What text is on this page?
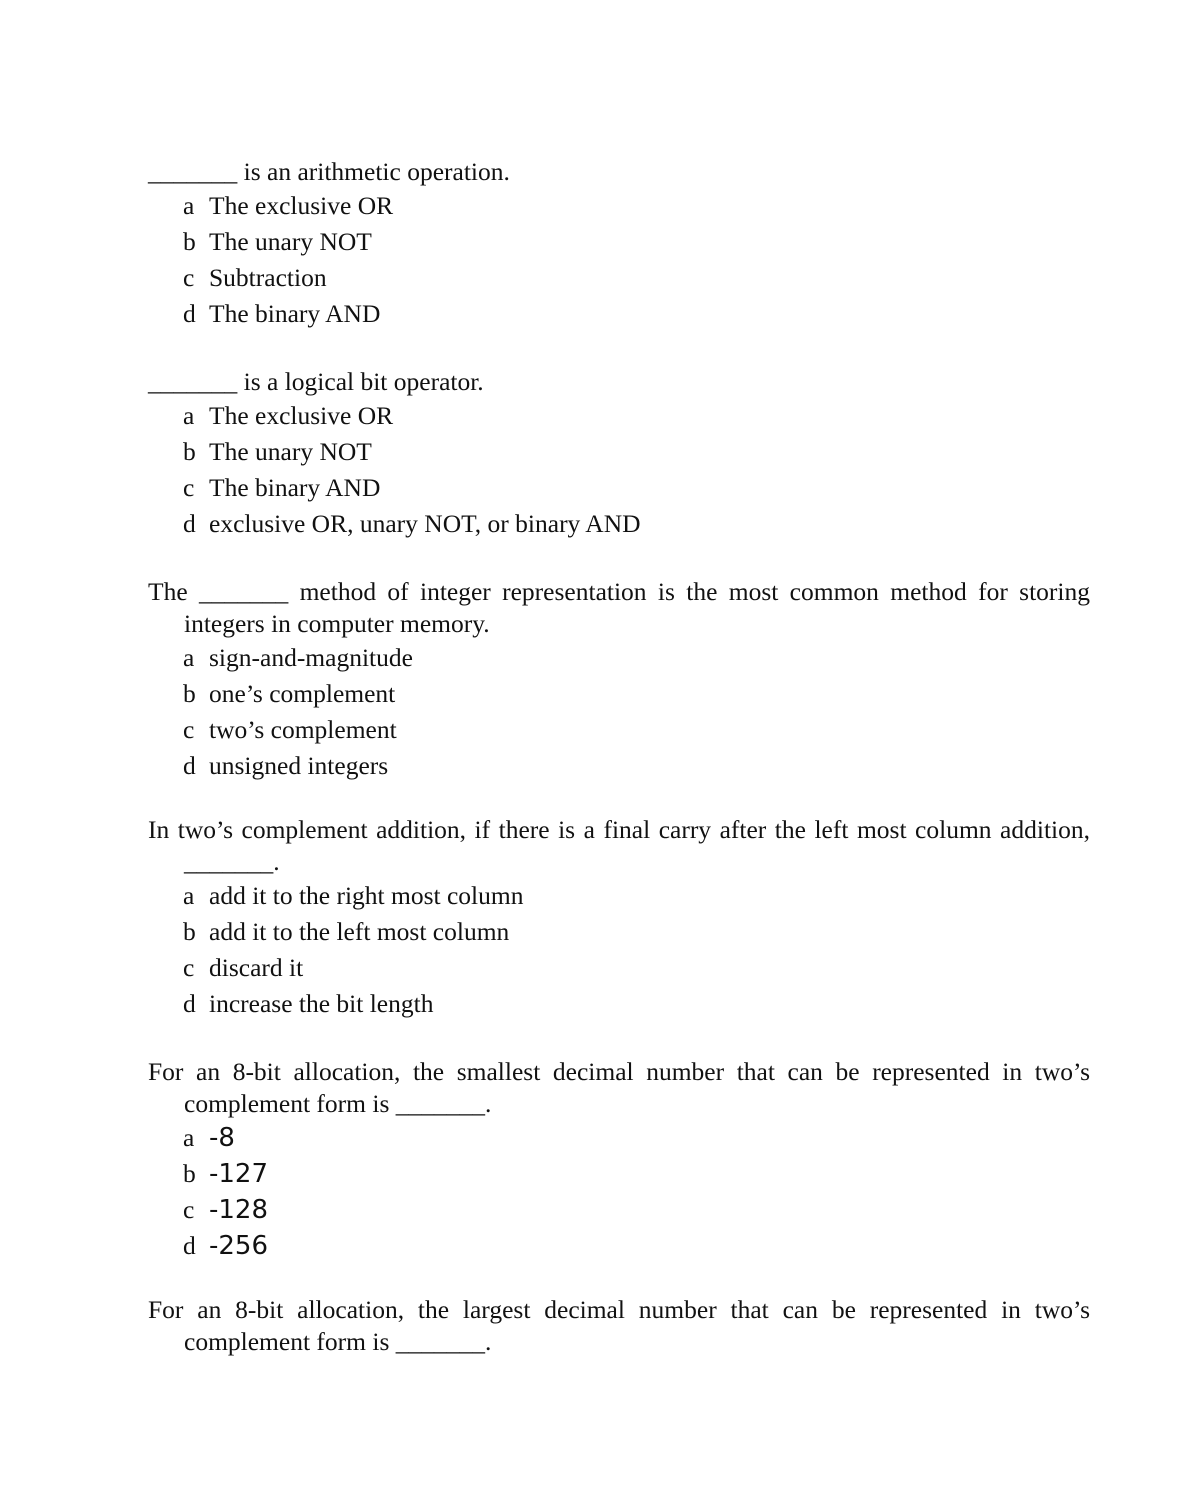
_______ is an arithmetic operation.
a The exclusive OR
b The unary NOT
c Subtraction
d The binary AND
_______ is a logical bit operator.
a The exclusive OR
b The unary NOT
c The binary AND
d exclusive OR, unary NOT, or binary AND
The _______ method of integer representation is the most common method for storing integers in computer memory.
a sign-and-magnitude
b one’s complement
c two’s complement
d unsigned integers
In two’s complement addition, if there is a final carry after the left most column addition, _______.
a add it to the right most column
b add it to the left most column
c discard it
d increase the bit length
For an 8-bit allocation, the smallest decimal number that can be represented in two’s complement form is _______.
a -8
b -127
c -128
d -256
For an 8-bit allocation, the largest decimal number that can be represented in two’s complement form is _______.
